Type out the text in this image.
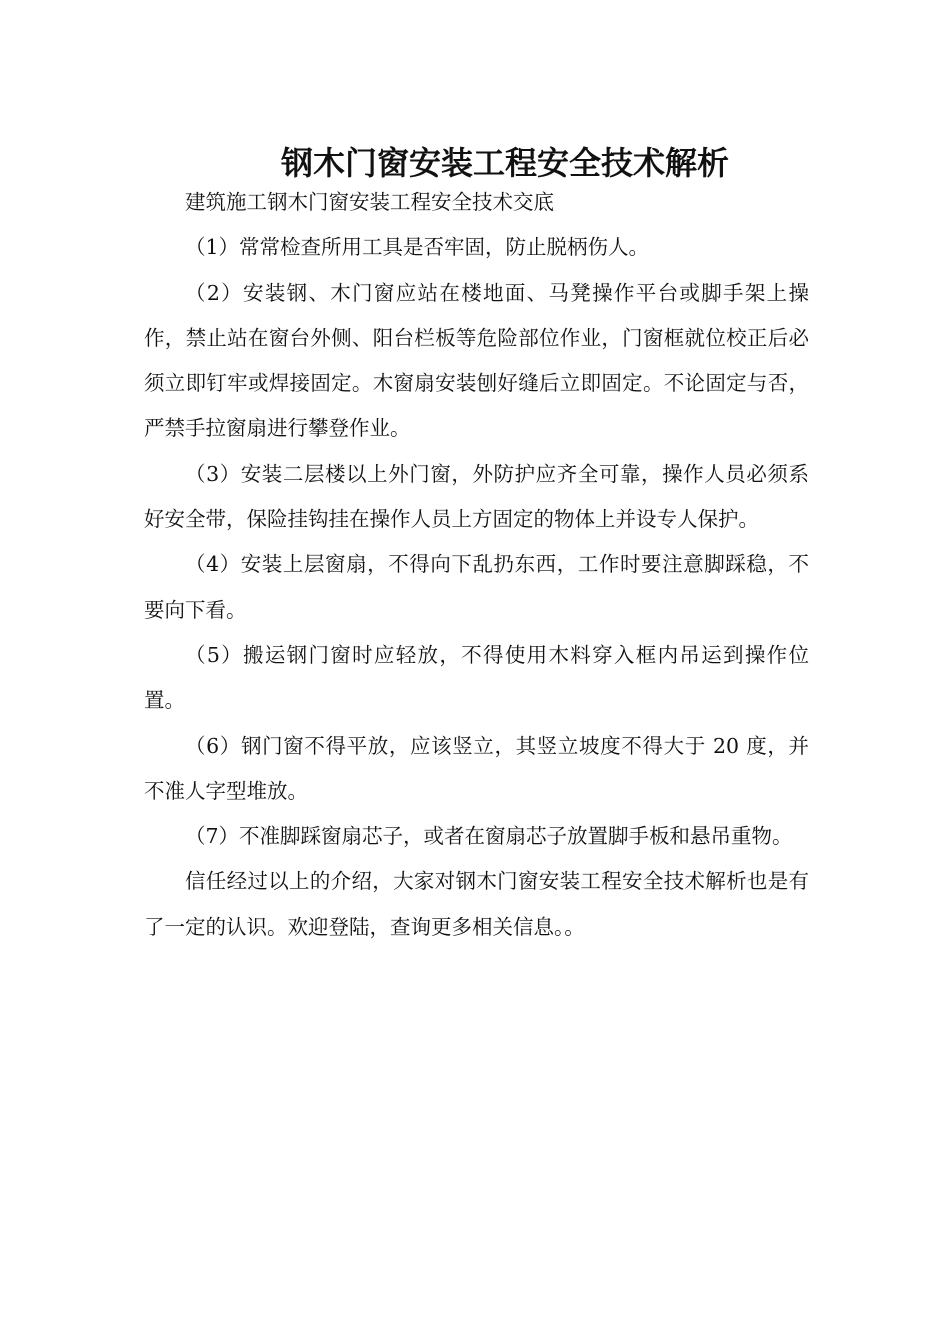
钢木门窗安装工程安全技术解析

建筑施工钢木门窗安装工程安全技术交底

（1）常常检查所用工具是否牢固，防止脱柄伤人。

（2）安装钢、木门窗应站在楼地面、马凳操作平台或脚手架上操作，禁止站在窗台外侧、阳台栏板等危险部位作业，门窗框就位校正后必须立即钉牢或焊接固定。木窗扇安装刨好缝后立即固定。不论固定与否，严禁手拉窗扇进行攀登作业。

（3）安装二层楼以上外门窗，外防护应齐全可靠，操作人员必须系好安全带，保险挂钩挂在操作人员上方固定的物体上并设专人保护。

（4）安装上层窗扇，不得向下乱扔东西，工作时要注意脚踩稳，不要向下看。

（5）搬运钢门窗时应轻放，不得使用木料穿入框内吊运到操作位置。

（6）钢门窗不得平放，应该竖立，其竖立坡度不得大于 20 度，并不准人字型堆放。

（7）不准脚踩窗扇芯子，或者在窗扇芯子放置脚手板和悬吊重物。

信任经过以上的介绍，大家对钢木门窗安装工程安全技术解析也是有了一定的认识。欢迎登陆，查询更多相关信息。。
